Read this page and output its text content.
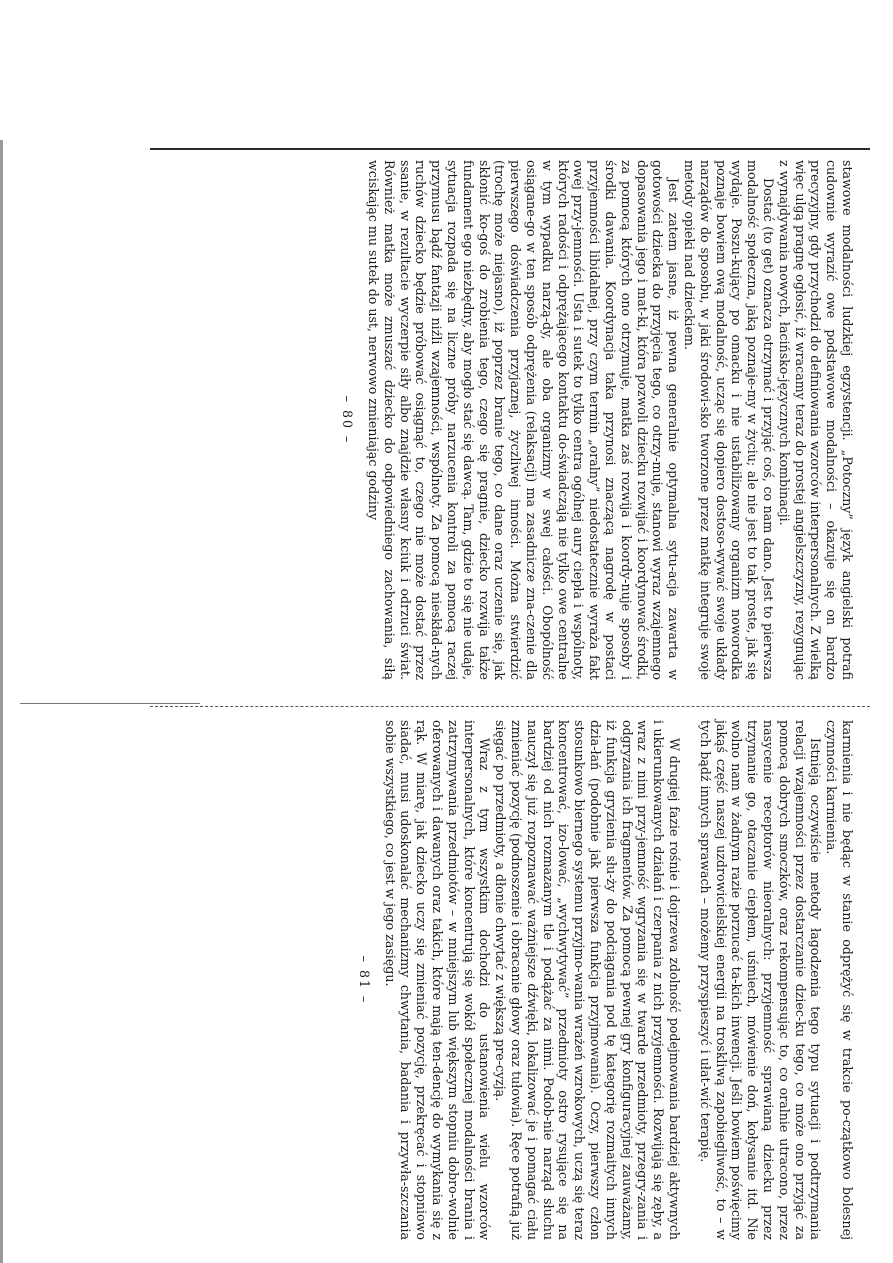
stawowe modalności ludzkiej egzystencji. „Potoczny” język angielski potrafi cudownie wyrazić owe podstawowe modalności – okazuje się on bardzo precyzyjny, gdy przychodzi do definiowania wzorców interpersonalnych. Z wielką więc ulgą pragnę ogłosić, iż wracamy teraz do prostej angielszczyzny, rezygnując z wynajdywania nowych, łacińsko-języcznych kombinacji.

Dostać (to get) oznacza otrzymać i przyjąć coś, co nam dano. Jest to pierwsza modalność społeczna, jaką poznaje-my w życiu; ale nie jest to tak proste, jak się wydaje. Poszu-kujący po omacku i nie ustabilizowany organizm noworodka poznaje bowiem ową modalność, ucząc się dopiero dostoso-wywać swoje układy narządów do sposobu, w jaki środowi-sko tworzone przez matkę integruje swoje metody opieki nad dzieckiem.

Jest zatem jasne, iż pewna generalnie optymalna sytu-acja zawarta w gotowości dziecka do przyjęcia tego, co otrzy-muje, stanowi wyraz wzajemnego dopasowania jego i mat-ki, która pozwoli dziecku rozwijać i koordynować środki, za pomocą których ono otrzymuje, matka zaś rozwija i koordy-nuje sposoby i środki dawania. Koordynacja taka przynosi znaczącą nagrodę w postaci przyjemności libidalnej, przy czym termin „oralny” niedostatecznie wyraża fakt owej przy-jemności. Usta i sutek to tylko centra ogólnej aury ciepła i wspólnoty, których radości i odprężającego kontaktu do-świadczają nie tylko owe centralne w tym wypadku narzą-dy, ale oba organizmy w swej całości. Obopólność osiągane-go w ten sposób odprężenia (relaksacji) ma zasadnicze zna-czenie dla pierwszego doświadczenia przyjaznej, życzliwej inności. Można stwierdzić (trochę może niejasno), iż poprzez branie tego, co dane oraz uczenie się, jak skłonić ko-goś do zrobienia tego, czego się pragnie, dziecko rozwija także fundament ego niezbędny, aby mogło stać się dawcą. Tam, gdzie to się nie udaje, sytuacja rozpada się na liczne próby narzucenia kontroli za pomocą raczej przymusu bądź fantazji niźli wzajemności, wspólnoty. Za pomocą nieskład-nych ruchów dziecko będzie próbować osiągnąć to, czego nie może dostać przez ssanie, w rezultacie wyczerpie siły albo znajdzie własny kciuk i odrzuci świat. Również matka może zmuszać dziecko do odpowiedniego zachowania, siłą wciskając mu sutek do ust, nerwowo zmieniając godziny

– 80 –

karmienia i nie będąc w stanie odprężyć się w trakcie po-czątkowo bolesnej czynności karmienia.

Istnieją oczywiście metody łagodzenia tego typu sytuacji i podtrzymania relacji wzajemności przez dostarczanie dziec-ku tego, co może ono przyjąć za pomocą dobrych smoczków, oraz rekompensując to, co oralnie utracono, przez nasycenie receptorów nieoralnych: przyjemność sprawianą dziecku przez trzymanie go, otaczanie ciepłem, uśmiech, mówienie doń, kołysanie itd. Nie wolno nam w żadnym razie porzucać ta-kich inwencji. Jeśli bowiem poświęcimy jakąś część naszej uzdrowicielskiej energii na troskliwą zapobiegliwość, to – w tych bądź innych sprawach – możemy przyspieszyć i ułat-wić terapię.

W drugiej fazie rośnie i dojrzewa zdolność podejmowania bardziej aktywnych i ukierunkowanych działań i czerpania z nich przyjemności. Rozwijają się zęby, a wraz z nimi przy-jemność wgryzania się w twarde przedmioty, przegry-zania i odgryzania ich fragmentów. Za pomocą pewnej gry konfiguracyjnej zauważamy, iż funkcja gryzienia słu-ży do podciągania pod tę kategorię rozmaitych innych dzia-łań (podobnie jak pierwsza funkcja przyjmowania). Oczy, pierwszy człon stosunkowo biernego systemu przyjmo-wania wrażeń wzrokowych, uczą się teraz koncentrować, izo-lować, „wychwytywać” przedmioty ostro rysujące się na bardziej od nich rozmazanym tle i podążać za nimi. Podob-nie narząd słuchu nauczył się już rozpoznawać ważniejsze dźwięki, lokalizować je i pomagać ciału zmieniać pozycję (podnoszenie i obracanie głowy oraz tułowia). Ręce potrafią już sięgać po przedmioty, a dłonie chwytać z większą pre-cyzją.

Wraz z tym wszystkim dochodzi do ustanowienia wielu wzorców interpersonalnych, które koncentrują się wokół społecznej modalności brania i zatrzymywania przedmiotów – w mniejszym lub większym stopniu dobro-wolnie oferowanych i dawanych oraz takich, które mają ten-dencję do wymykania się z rąk. W miarę, jak dziecko uczy się zmieniać pozycję, przekręcać i stopniowo siadać, musi udoskonalać mechanizmy chwytania, badania i przywła-szczania sobie wszystkiego, co jest w jego zasięgu.

– 81 –
